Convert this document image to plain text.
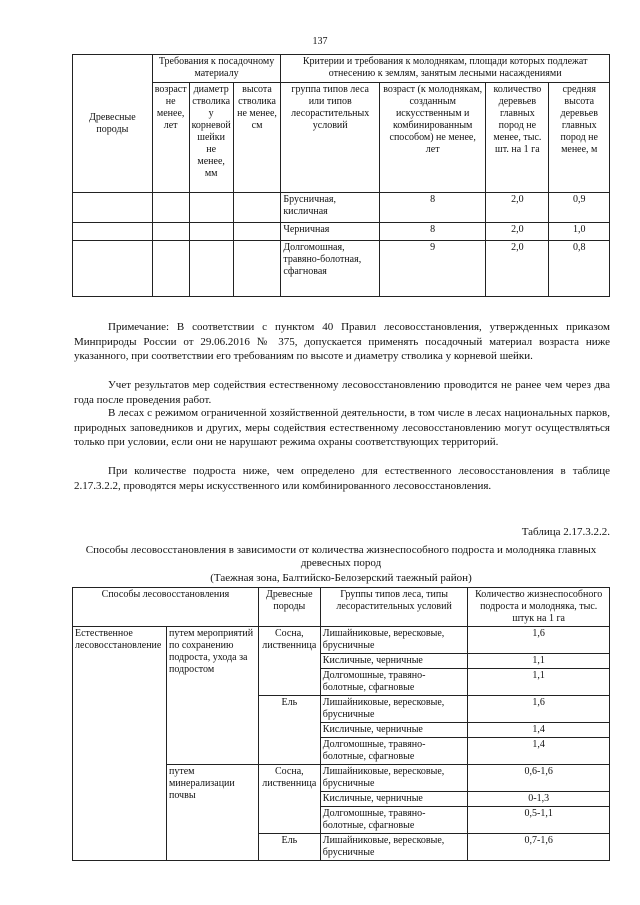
137
Древесные породы	Требования к посадочному материалу			Критерии и требования к молоднякам, площади которых подлежат отнесению к землям, занятым лесными насаждениями			
	возраст не менее, лет	диаметр стволика у корневой шейки не менее, мм	высота стволика не менее, см	группа типов леса или типов лесорастительных условий	возраст (к молоднякам, созданным искусственным и комбинированным способом) не менее, лет	количество деревьев главных пород не менее, тыс. шт. на 1 га	средняя высота деревьев главных пород не менее, м
				Брусничная, кисличная	8	2,0	0,9
				Черничная	8	2,0	1,0
				Долгомошная, травяно-болотная, сфагновая	9	2,0	0,8
Примечание: В соответствии с пунктом 40 Правил лесовосстановления, утвержденных приказом Минприроды России от 29.06.2016 № 375, допускается применять посадочный материал возраста ниже указанного, при соответствии его требованиям по высоте и диаметру стволика у корневой шейки.
Учет результатов мер содействия естественному лесовосстановлению проводится не ранее чем через два года после проведения работ.
В лесах с режимом ограниченной хозяйственной деятельности, в том числе в лесах национальных парков, природных заповедников и других, меры содействия естественному лесовосстановлению могут осуществляться только при условии, если они не нарушают режима охраны соответствующих территорий.
При количестве подроста ниже, чем определено для естественного лесовосстановления в таблице 2.17.3.2.2, проводятся меры искусственного или комбинированного лесовосстановления.
Таблица 2.17.3.2.2.
Способы лесовосстановления в зависимости от количества жизнеспособного подроста и молодняка главных древесных пород
(Таежная зона, Балтийско-Белозерский таежный район)
Способы лесовосстановления		Древесные породы	Группы типов леса, типы лесорастительных условий	Количество жизнеспособного подроста и молодняка, тыс. штук на 1 га
Естественное лесовосстановление	путем мероприятий по сохранению подроста, ухода за подростом	Сосна, лиственница	Лишайниковые, вересковые, брусничные	1,6
			Кисличные, черничные	1,1
			Долгомошные, травяно-болотные, сфагновые	1,1
		Ель	Лишайниковые, вересковые, брусничные	1,6
			Кисличные, черничные	1,4
			Долгомошные, травяно-болотные, сфагновые	1,4
	путем минерализации почвы	Сосна, лиственница	Лишайниковые, вересковые, брусничные	0,6-1,6
			Кисличные, черничные	0-1,3
			Долгомошные, травяно-болотные, сфагновые	0,5-1,1
		Ель	Лишайниковые, вересковые, брусничные	0,7-1,6
